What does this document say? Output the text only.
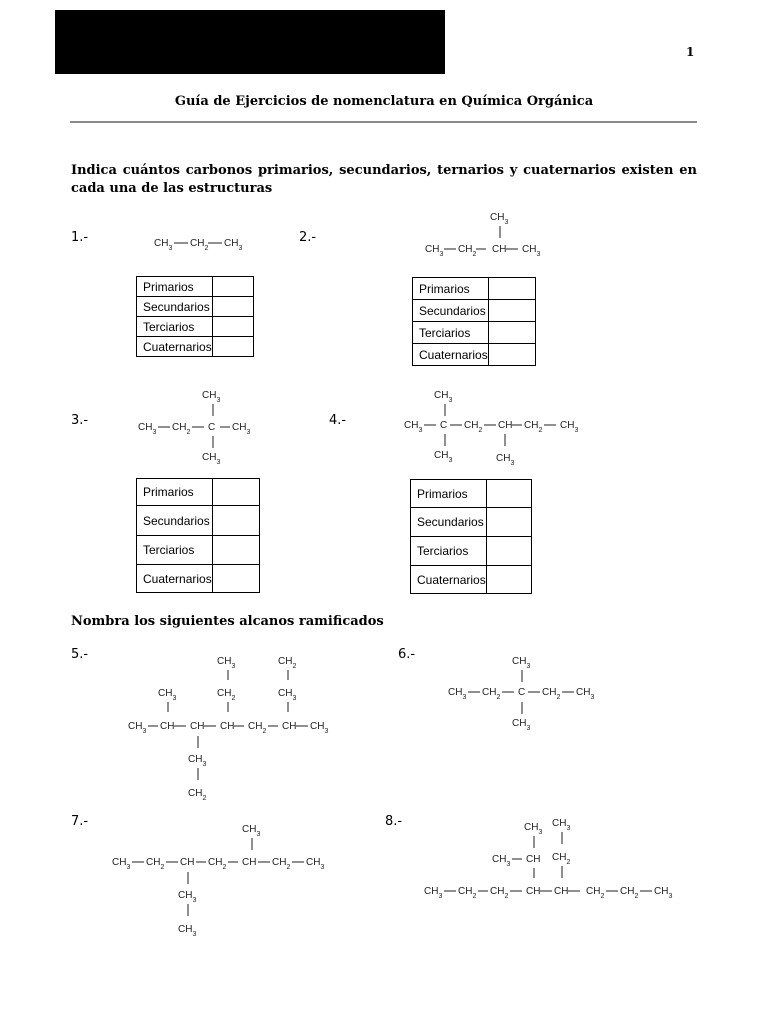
1
Guía de Ejercicios de nomenclatura en Química Orgánica
Indica cuántos carbonos primarios, secundarios, ternarios y cuaternarios existen en cada una de las estructuras
1.-	$CH_3$ $CH_2$ $CH_3$
Primarios	
Secundarios	
Terciarios	
Cuaternarios	
2.-
$CH_3$
$CH_3$ $CH_2$ CH $CH_3$
Primarios	
Secundarios	
Terciarios	
Cuaternarios	
3.-
$CH_3$
$CH_3$ $CH_2$ C $CH_3$
$CH_3$
Primarios	
Secundarios	
Terciarios	
Cuaternarios	
4.-
$CH_3$
$CH_3$ C $CH_2$ CH $CH_2$ $CH_3$
$CH_3$	$CH_3$
Primarios	
Secundarios	
Terciarios	
Cuaternarios	
Nombra los siguientes alcanos ramificados
5.-	$CH_3$
$CH_2$
$CH_2$
$CH_3$
$CH_3$
$CH_3$ CH CH CH $CH_2$ CH $CH_3$
$CH_3$
$CH_2$
6.-	$CH_3$
$CH_3$ $CH_2$ C $CH_2$ $CH_3$
$CH_3$
7.-
$CH_3$
$CH_3$ $CH_2$ CH $CH_2$ CH $CH_2$ $CH_3$
$CH_3$
$CH_3$
8.-	$CH_3$
$CH_3$
$CH_3$ CH $CH_2$
$CH_3$ $CH_2$ $CH_2$ CH CH $CH_2$ $CH_2$ $CH_3$
